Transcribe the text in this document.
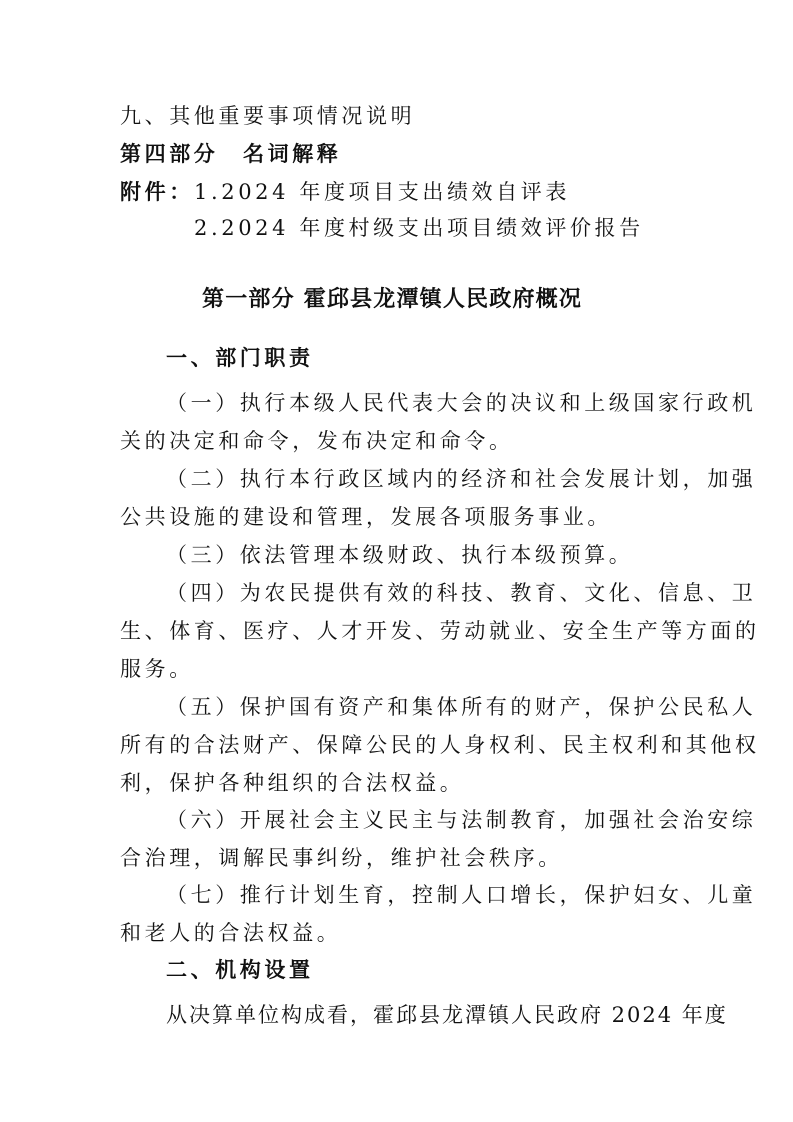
九、其他重要事项情况说明
第四部分　名词解释
附件： 1.2024 年度项目支出绩效自评表
2.2024 年度村级支出项目绩效评价报告
第一部分 霍邱县龙潭镇人民政府概况
一、部门职责
（一）执行本级人民代表大会的决议和上级国家行政机
关的决定和命令，发布决定和命令。
（二）执行本行政区域内的经济和社会发展计划，加强
公共设施的建设和管理，发展各项服务事业。
（三）依法管理本级财政、执行本级预算。
（四）为农民提供有效的科技、教育、文化、信息、卫
生、体育、医疗、人才开发、劳动就业、安全生产等方面的
服务。
（五）保护国有资产和集体所有的财产，保护公民私人
所有的合法财产、保障公民的人身权利、民主权利和其他权
利，保护各种组织的合法权益。
（六）开展社会主义民主与法制教育，加强社会治安综
合治理，调解民事纠纷，维护社会秩序。
（七）推行计划生育，控制人口增长，保护妇女、儿童
和老人的合法权益。
二、机构设置
从决算单位构成看，霍邱县龙潭镇人民政府 2024 年度
